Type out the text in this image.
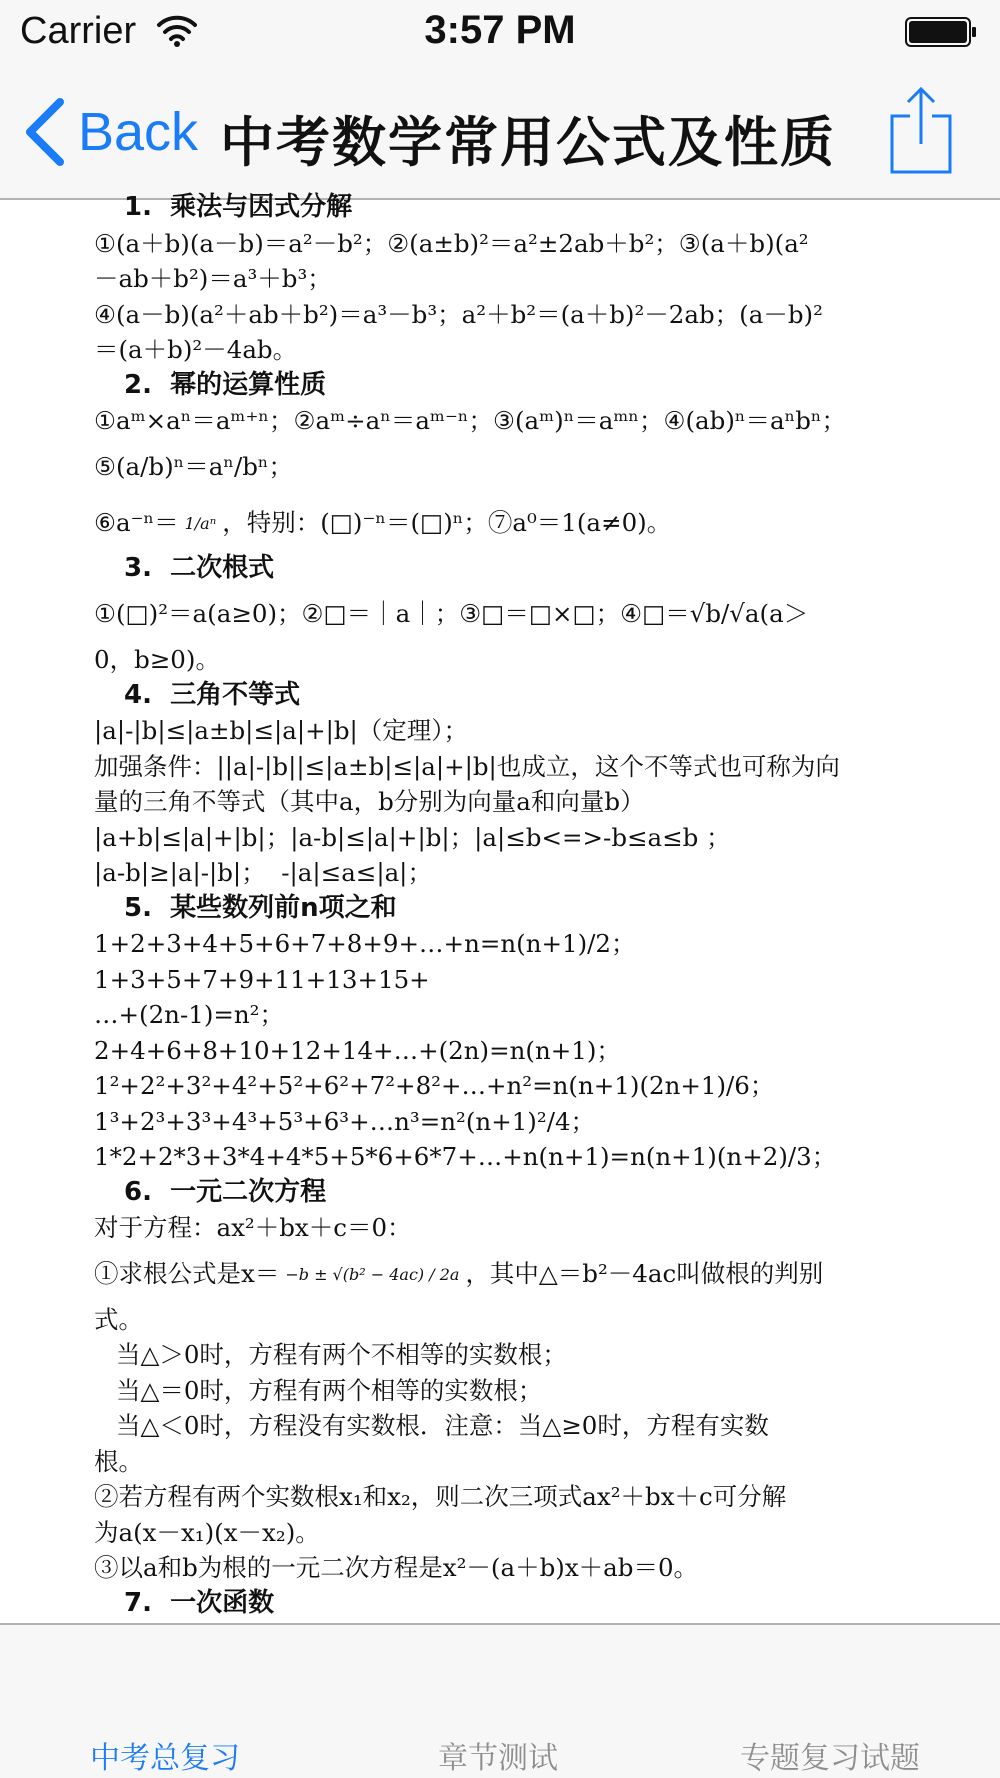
Carrier	3:57 PM
Back 中考数学常用公式及性质

1.  乘法与因式分解

①(a＋b)(a－b)＝a²－b²；②(a±b)²＝a²±2ab＋b²；③(a＋b)(a²

－ab＋b²)＝a³＋b³；

④(a－b)(a²＋ab＋b²)＝a³－b³；a²＋b²＝(a＋b)²－2ab；(a－b)²

＝(a＋b)²－4ab。

2.  幂的运算性质

①aᵐ×aⁿ＝aᵐ⁺ⁿ；②aᵐ÷aⁿ＝aᵐ⁻ⁿ；③(aᵐ)ⁿ＝aᵐⁿ；④(ab)ⁿ＝aⁿbⁿ；

⑤(a/b)ⁿ＝aⁿ/bⁿ；

⑥a⁻ⁿ＝ 1/aⁿ ，特别：(□)⁻ⁿ＝(□)ⁿ；⑦a⁰＝1(a≠0)。

3.  二次根式

①(□)²＝a(a≥0)；②□＝｜a｜；③□＝□×□；④□＝√b/√a(a＞

0，b≥0)。

4.  三角不等式

|a|-|b|≤|a±b|≤|a|+|b|（定理）；

加强条件：||a|-|b||≤|a±b|≤|a|+|b|也成立，这个不等式也可称为向

量的三角不等式（其中a，b分别为向量a和向量b）

|a+b|≤|a|+|b|；|a-b|≤|a|+|b|；|a|≤b<=>-b≤a≤b ；

|a-b|≥|a|-|b|；  -|a|≤a≤|a|；

5.  某些数列前n项之和

1+2+3+4+5+6+7+8+9+…+n=n(n+1)/2；1+3+5+7+9+11+13+15+

…+(2n-1)=n²；

2+4+6+8+10+12+14+…+(2n)=n(n+1)；

1²+2²+3²+4²+5²+6²+7²+8²+…+n²=n(n+1)(2n+1)/6；

1³+2³+3³+4³+5³+6³+…n³=n²(n+1)²/4；

1*2+2*3+3*4+4*5+5*6+6*7+…+n(n+1)=n(n+1)(n+2)/3；

6.  一元二次方程

对于方程：ax²＋bx＋c＝0：

①求根公式是x＝ −b ± √(b² − 4ac) / 2a ，其中△＝b²－4ac叫做根的判别

式。

当△＞0时，方程有两个不相等的实数根；

当△＝0时，方程有两个相等的实数根；

当△＜0时，方程没有实数根．注意：当△≥0时，方程有实数

根。

②若方程有两个实数根x₁和x₂，则二次三项式ax²＋bx＋c可分解

为a(x－x₁)(x－x₂)。

③以a和b为根的一元二次方程是x²－(a＋b)x＋ab＝0。

7.  一次函数

中考总复习	章节测试	专题复习试题
